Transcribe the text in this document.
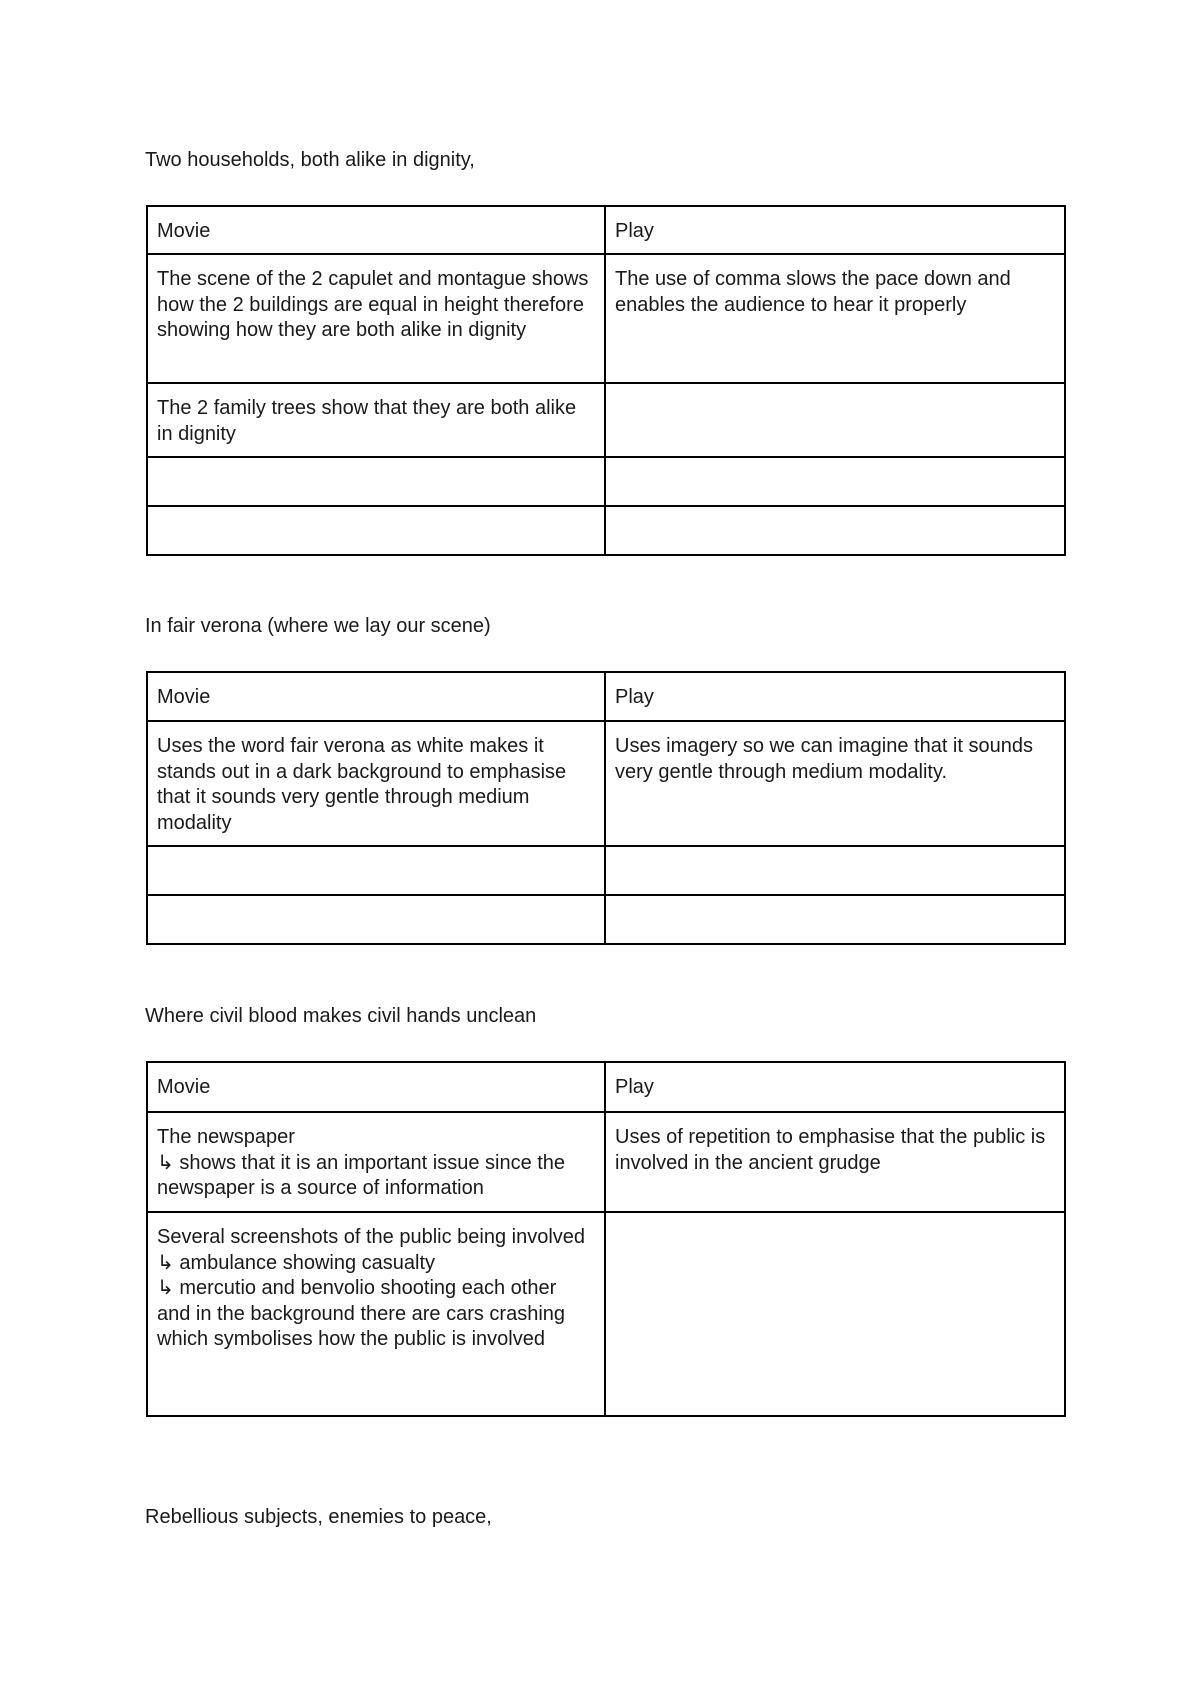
Two households, both alike in dignity,

Movie	Play

The scene of the 2 capulet and montague shows how the 2 buildings are equal in height therefore showing how they are both alike in dignity	The use of comma slows the pace down and enables the audience to hear it properly

The 2 family trees show that they are both alike in dignity	

In fair verona (where we lay our scene)

Movie	Play

Uses the word fair verona as white makes it stands out in a dark background to emphasise that it sounds very gentle through medium modality	Uses imagery so we can imagine that it sounds very gentle through medium modality.

Where civil blood makes civil hands unclean

Movie	Play

The newspaper
↳ shows that it is an important issue since the newspaper is a source of information	Uses of repetition to emphasise that the public is involved in the ancient grudge

Several screenshots of the public being involved
↳ ambulance showing casualty
↳ mercutio and benvolio shooting each other and in the background there are cars crashing which symbolises how the public is involved	

Rebellious subjects, enemies to peace,
